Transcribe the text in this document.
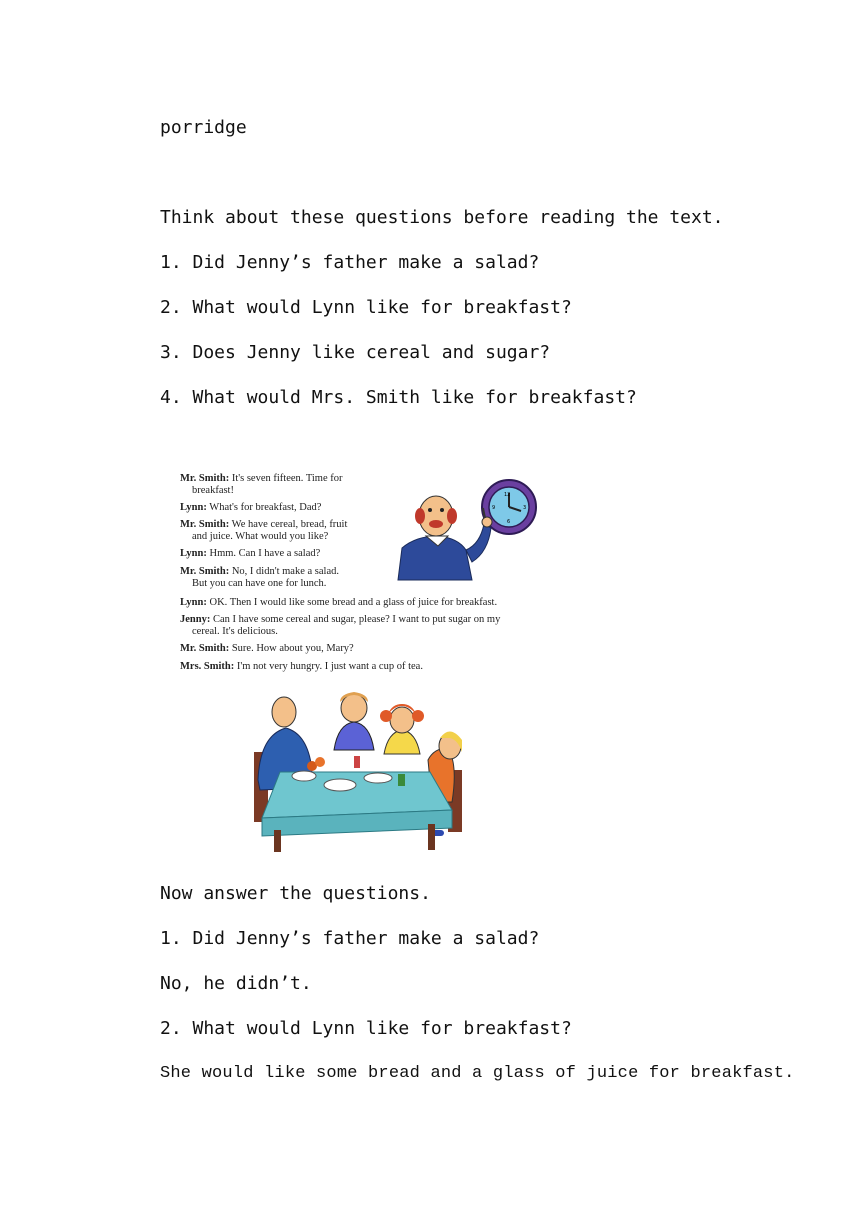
porridge
Think about these questions before reading the text.
1. Did Jenny’s father make a salad?
2. What would Lynn like for breakfast?
3. Does Jenny like cereal and sugar?
4. What would Mrs. Smith like for breakfast?
Mr. Smith: It's seven fifteen. Time for
breakfast!
Lynn: What's for breakfast, Dad?
Mr. Smith: We have cereal, bread, fruit
and juice. What would you like?
Lynn: Hmm. Can I have a salad?
Mr. Smith: No, I didn't make a salad.
But you can have one for lunch.
Lynn: OK. Then I would like some bread and a glass of juice for breakfast.
Jenny: Can I have some cereal and sugar, please? I want to put sugar on my
cereal. It's delicious.
Mr. Smith: Sure. How about you, Mary?
Mrs. Smith: I'm not very hungry. I just want a cup of tea.
12
9	3
6
Now answer the questions.
1. Did Jenny’s father make a salad?
No, he didn’t.
2. What would Lynn like for breakfast?
She would like some bread and a glass of juice for breakfast.
